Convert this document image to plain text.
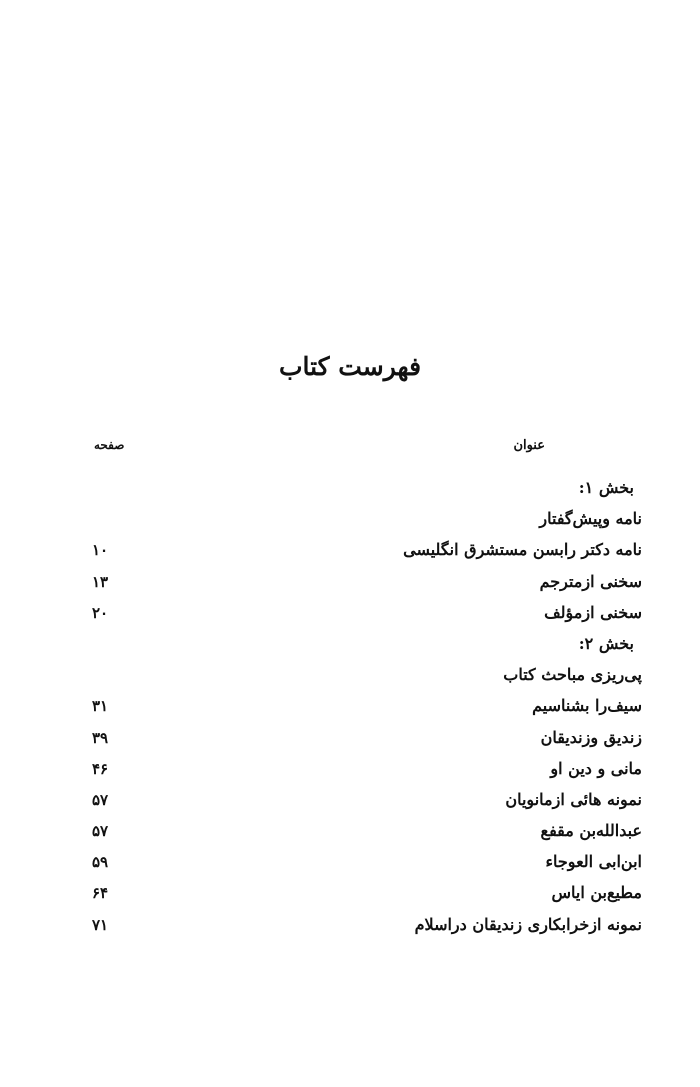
فهرست کتاب
عنوان
صفحه
بخش ۱:
نامه وپیش‌گفتار
نامه دکتر رابسن مستشرق انگلیسی
۱۰
سخنی ازمترجم
۱۳
سخنی ازمؤلف
۲۰
بخش ۲:
پی‌ریزی مباحث کتاب
سیف‌را بشناسیم
۳۱
زندیق وزندیقان
۳۹
مانی و دین او
۴۶
نمونه هائی ازمانویان
۵۷
عبدالله‌بن مقفع
۵۷
ابن‌ابی العوجاء
۵۹
مطیع‌بن ایاس
۶۴
نمونه ازخرابکاری زندیقان دراسلام
۷۱
